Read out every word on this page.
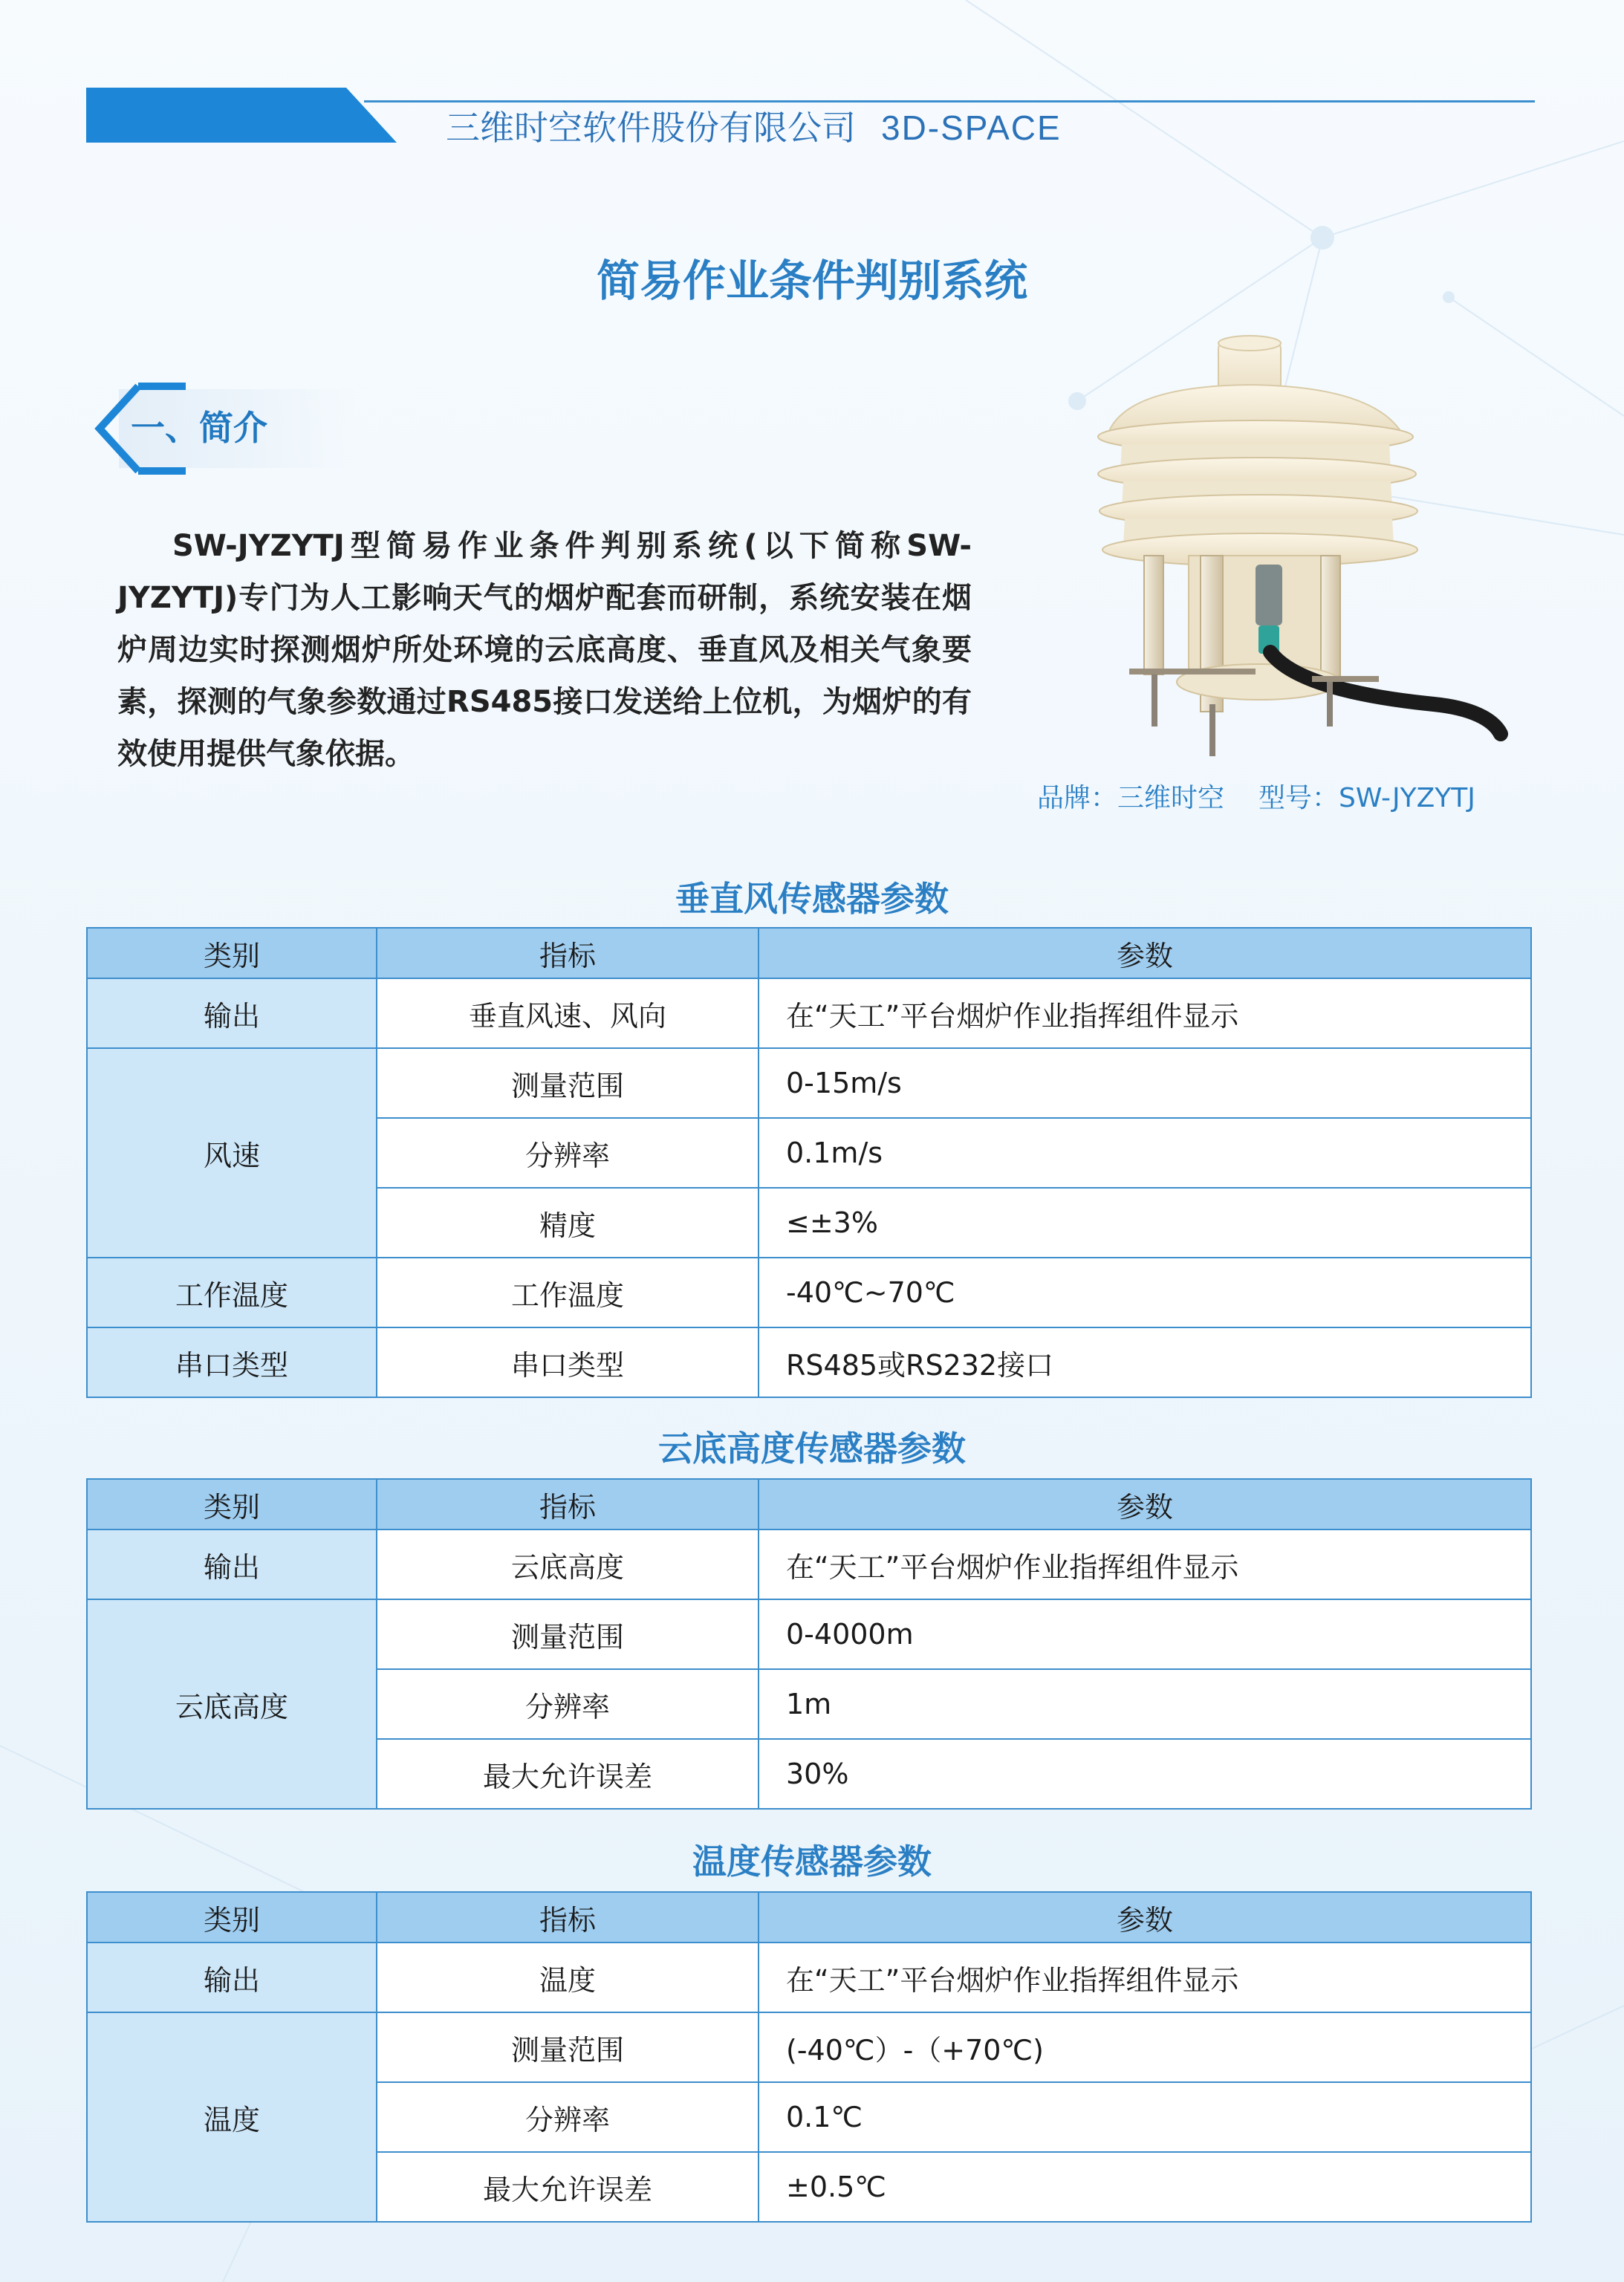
三维时空软件股份有限公司 3D-SPACE
简易作业条件判别系统
一、简介

SW-JYZYTJ型简易作业条件判别系统(以下简称SW-JYZYTJ)专门为人工影响天气的烟炉配套而研制，系统安装在烟炉周边实时探测烟炉所处环境的云底高度、垂直风及相关气象要素，探测的气象参数通过RS485接口发送给上位机，为烟炉的有效使用提供气象依据。

品牌：三维时空 型号：SW-JYZYTJ
垂直风传感器参数
类别	指标	参数
输出	垂直风速、风向	在“天工”平台烟炉作业指挥组件显示
风速	测量范围	0-15m/s
	分辨率	0.1m/s
	精度	≤±3%
工作温度	工作温度	-40℃~70℃
串口类型	串口类型	RS485或RS232接口
云底高度传感器参数
类别	指标	参数
输出	云底高度	在“天工”平台烟炉作业指挥组件显示
云底高度	测量范围	0-4000m
	分辨率	1m
	最大允许误差	30%
温度传感器参数
类别	指标	参数
输出	温度	在“天工”平台烟炉作业指挥组件显示
温度	测量范围	(-40℃）-（+70℃)
	分辨率	0.1℃
	最大允许误差	±0.5℃
